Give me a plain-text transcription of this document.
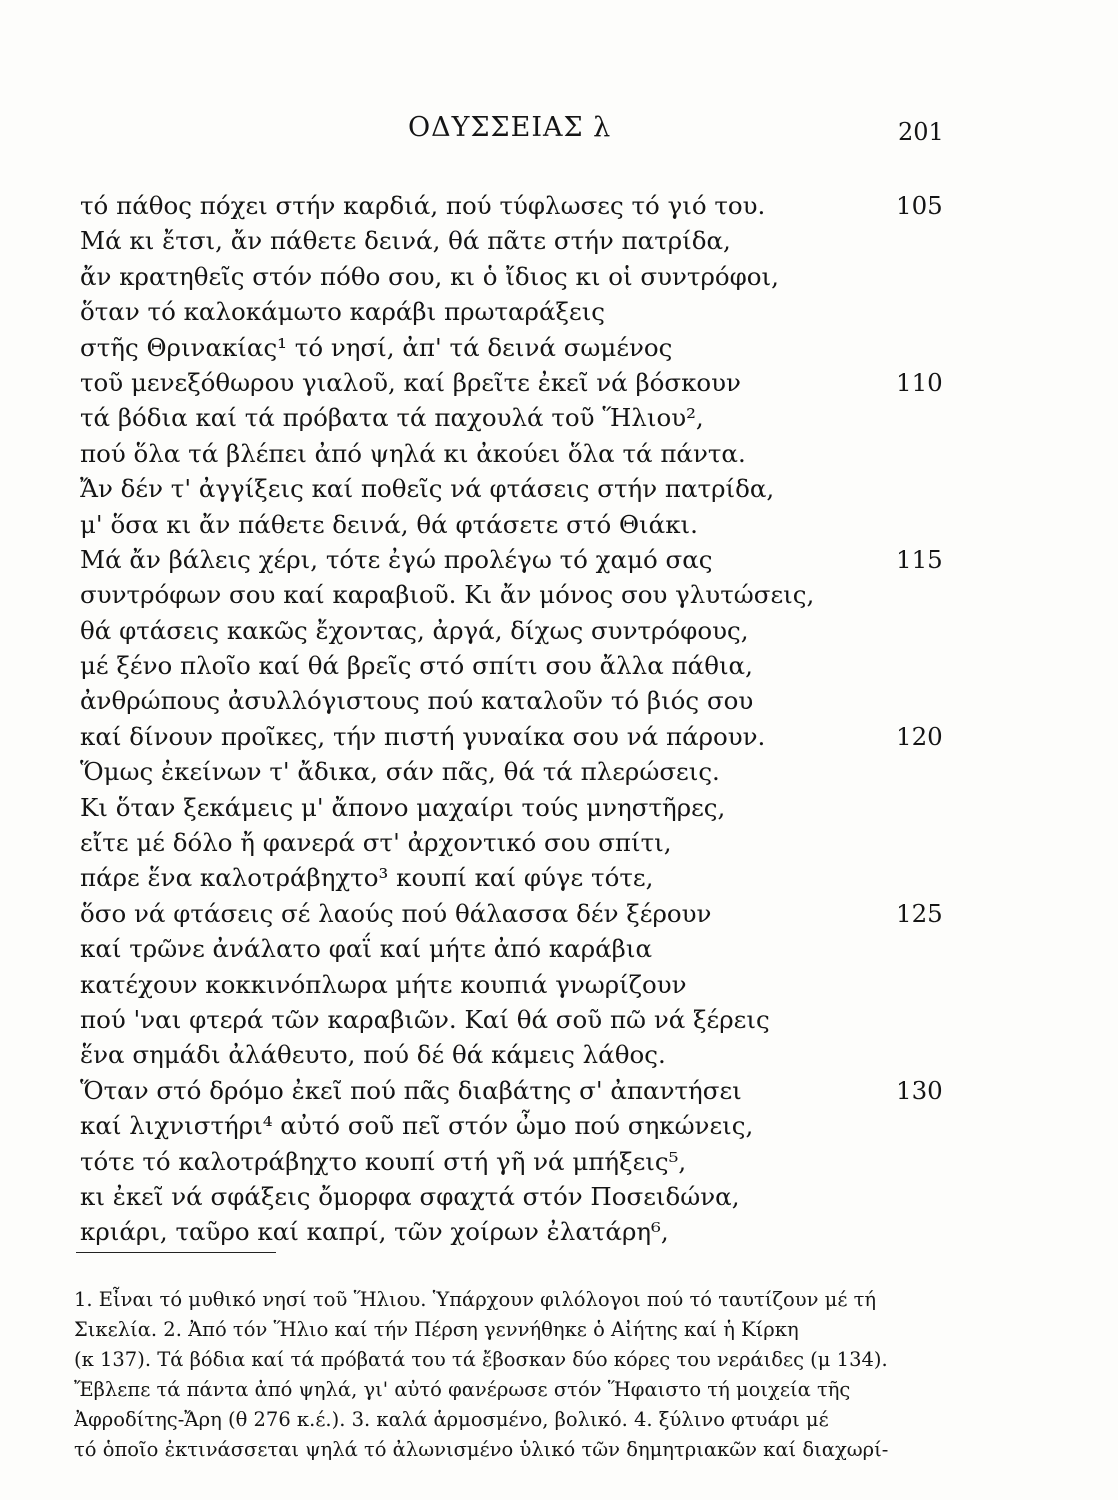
ΟΔΥΣΣΕΙΑΣ λ	201
τό πάθος πόχει στήν καρδιά, πού τύφλωσες τό γιό του.	105
Μά κι ἔτσι, ἄν πάθετε δεινά, θά πᾶτε στήν πατρίδα,
ἄν κρατηθεῖς στόν πόθο σου, κι ὁ ἴδιος κι οἱ συντρόφοι,
ὅταν τό καλοκάμωτο καράβι πρωταράξεις
στῆς Θρινακίας¹ τό νησί, ἀπ' τά δεινά σωμένος
τοῦ μενεξόθωρου γιαλοῦ, καί βρεῖτε ἐκεῖ νά βόσκουν	110
τά βόδια καί τά πρόβατα τά παχουλά τοῦ Ἥλιου²,
πού ὅλα τά βλέπει ἀπό ψηλά κι ἀκούει ὅλα τά πάντα.
Ἄν δέν τ' ἀγγίξεις καί ποθεῖς νά φτάσεις στήν πατρίδα,
μ' ὅσα κι ἄν πάθετε δεινά, θά φτάσετε στό Θιάκι.
Μά ἄν βάλεις χέρι, τότε ἐγώ προλέγω τό χαμό σας	115
συντρόφων σου καί καραβιοῦ. Κι ἄν μόνος σου γλυτώσεις,
θά φτάσεις κακῶς ἔχοντας, ἀργά, δίχως συντρόφους,
μέ ξένο πλοῖο καί θά βρεῖς στό σπίτι σου ἄλλα πάθια,
ἀνθρώπους ἀσυλλόγιστους πού καταλοῦν τό βιός σου
καί δίνουν προῖκες, τήν πιστή γυναίκα σου νά πάρουν.	120
Ὅμως ἐκείνων τ' ἄδικα, σάν πᾶς, θά τά πλερώσεις.
Κι ὅταν ξεκάμεις μ' ἄπονο μαχαίρι τούς μνηστῆρες,
εἴτε μέ δόλο ἤ φανερά στ' ἀρχοντικό σου σπίτι,
πάρε ἕνα καλοτράβηχτο³ κουπί καί φύγε τότε,
ὅσο νά φτάσεις σέ λαούς πού θάλασσα δέν ξέρουν	125
καί τρῶνε ἀνάλατο φαΐ καί μήτε ἀπό καράβια
κατέχουν κοκκινόπλωρα μήτε κουπιά γνωρίζουν
πού 'ναι φτερά τῶν καραβιῶν. Καί θά σοῦ πῶ νά ξέρεις
ἕνα σημάδι ἀλάθευτο, πού δέ θά κάμεις λάθος.
Ὅταν στό δρόμο ἐκεῖ πού πᾶς διαβάτης σ' ἀπαντήσει	130
καί λιχνιστήρι⁴ αὐτό σοῦ πεῖ στόν ὦμο πού σηκώνεις,
τότε τό καλοτράβηχτο κουπί στή γῆ νά μπήξεις⁵,
κι ἐκεῖ νά σφάξεις ὄμορφα σφαχτά στόν Ποσειδώνα,
κριάρι, ταῦρο καί καπρί, τῶν χοίρων ἐλατάρη⁶,
1. Εἶναι τό μυθικό νησί τοῦ Ἥλιου. Ὑπάρχουν φιλόλογοι πού τό ταυτίζουν μέ τή
Σικελία. 2. Ἀπό τόν Ἥλιο καί τήν Πέρση γεννήθηκε ὁ Αἰήτης καί ἡ Κίρκη
(κ 137). Τά βόδια καί τά πρόβατά του τά ἔβοσκαν δύο κόρες του νεράιδες (μ 134).
Ἔβλεπε τά πάντα ἀπό ψηλά, γι' αὐτό φανέρωσε στόν Ἥφαιστο τή μοιχεία τῆς
Ἀφροδίτης-Ἄρη (θ 276 κ.έ.). 3. καλά ἁρμοσμένο, βολικό. 4. ξύλινο φτυάρι μέ
τό ὁποῖο ἐκτινάσσεται ψηλά τό ἀλωνισμένο ὑλικό τῶν δημητριακῶν καί διαχωρί-
